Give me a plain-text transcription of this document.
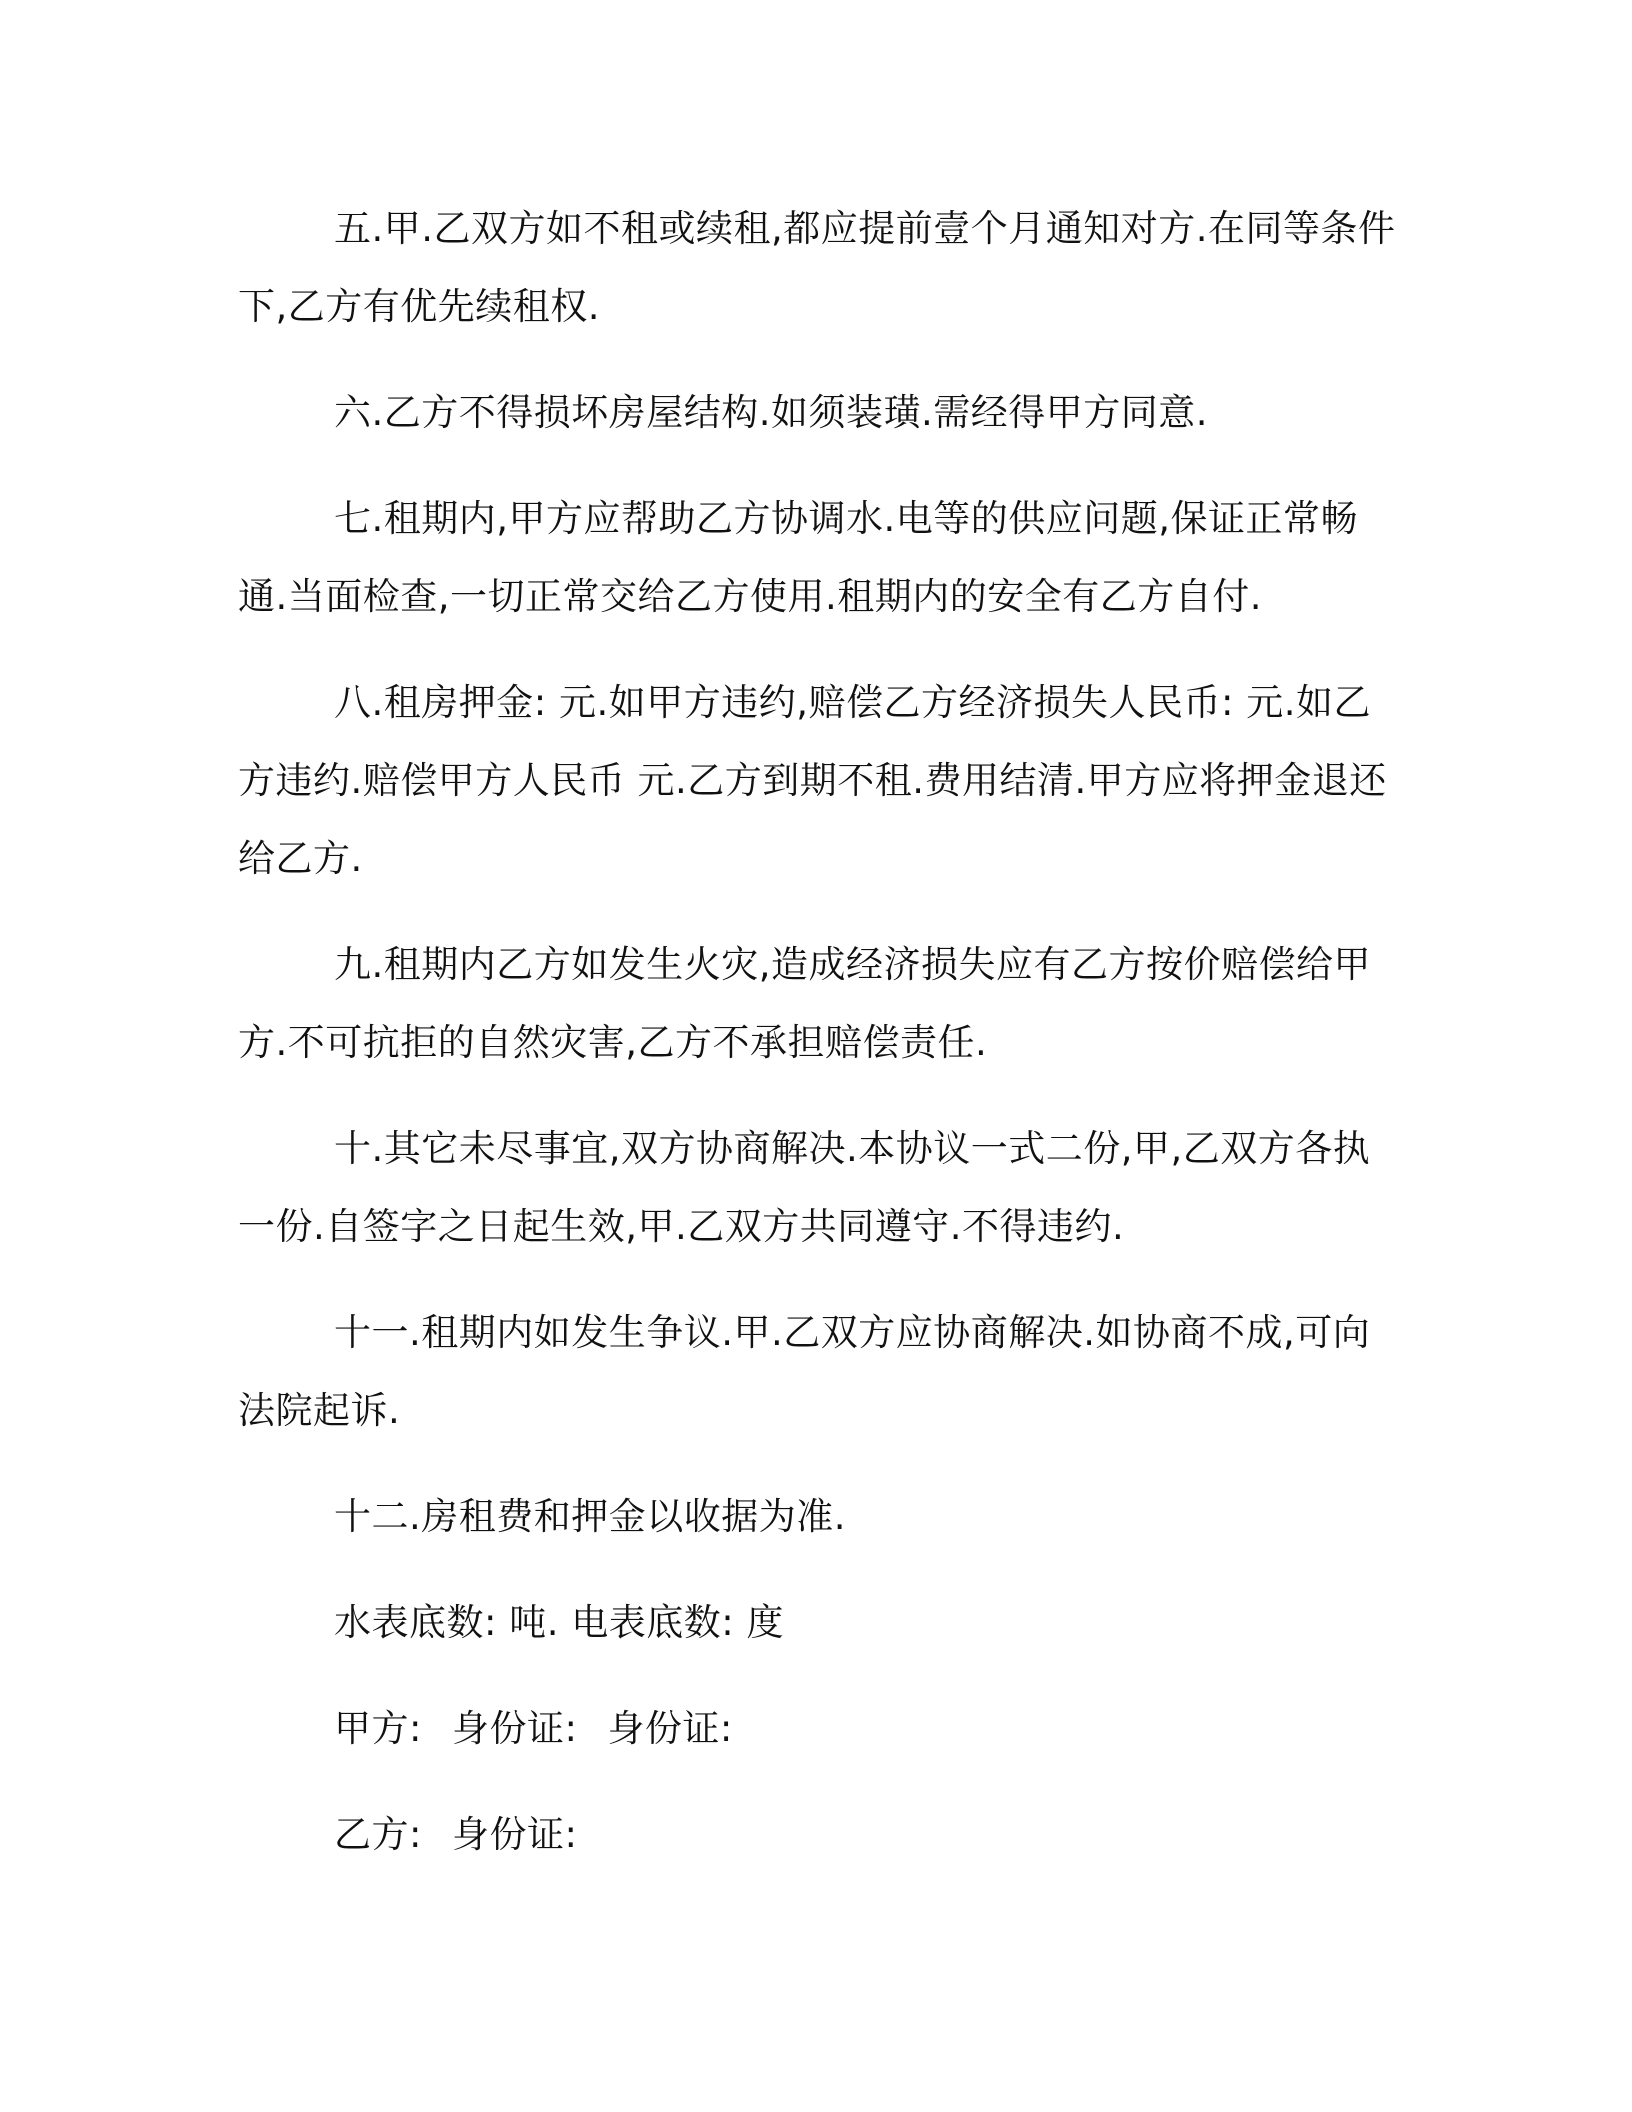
五.甲.乙双方如不租或续租,都应提前壹个月通知对方.在同等条件下,乙方有优先续租权.

六.乙方不得损坏房屋结构.如须装璜.需经得甲方同意.

七.租期内,甲方应帮助乙方协调水.电等的供应问题,保证正常畅通.当面检查,一切正常交给乙方使用.租期内的安全有乙方自付.

八.租房押金: 元.如甲方违约,赔偿乙方经济损失人民币: 元.如乙方违约.赔偿甲方人民币 元.乙方到期不租.费用结清.甲方应将押金退还给乙方.

九.租期内乙方如发生火灾,造成经济损失应有乙方按价赔偿给甲方.不可抗拒的自然灾害,乙方不承担赔偿责任.

十.其它未尽事宜,双方协商解决.本协议一式二份,甲,乙双方各执一份.自签字之日起生效,甲.乙双方共同遵守.不得违约.

十一.租期内如发生争议.甲.乙双方应协商解决.如协商不成,可向法院起诉.

十二.房租费和押金以收据为准.

水表底数: 吨. 电表底数: 度
甲方: 身份证: 身份证:
乙方: 身份证:
